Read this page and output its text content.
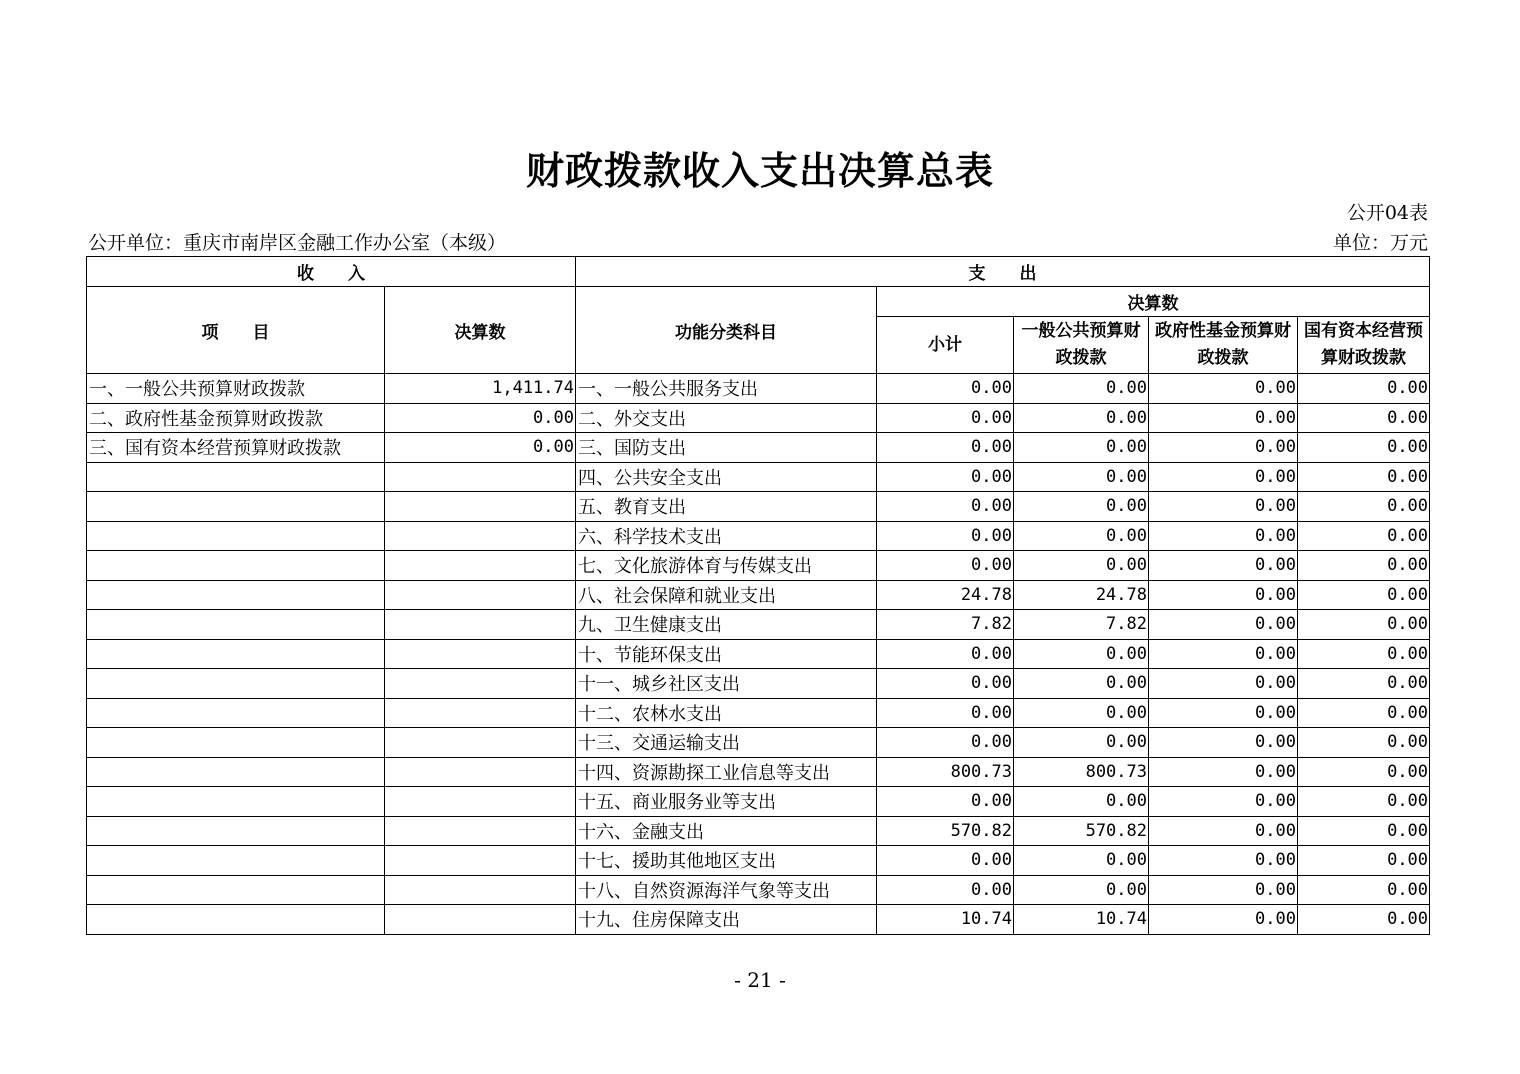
财政拨款收入支出决算总表
公开04表
公开单位：重庆市南岸区金融工作办公室（本级）	单位：万元
收　　入		支　　出				
项　　目	决算数	功能分类科目	决算数			
			小计	一般公共预算财政拨款	政府性基金预算财政拨款	国有资本经营预算财政拨款
一、一般公共预算财政拨款	1,411.74	一、一般公共服务支出	0.00	0.00	0.00	0.00
二、政府性基金预算财政拨款	0.00	二、外交支出	0.00	0.00	0.00	0.00
三、国有资本经营预算财政拨款	0.00	三、国防支出	0.00	0.00	0.00	0.00
		四、公共安全支出	0.00	0.00	0.00	0.00
		五、教育支出	0.00	0.00	0.00	0.00
		六、科学技术支出	0.00	0.00	0.00	0.00
		七、文化旅游体育与传媒支出	0.00	0.00	0.00	0.00
		八、社会保障和就业支出	24.78	24.78	0.00	0.00
		九、卫生健康支出	7.82	7.82	0.00	0.00
		十、节能环保支出	0.00	0.00	0.00	0.00
		十一、城乡社区支出	0.00	0.00	0.00	0.00
		十二、农林水支出	0.00	0.00	0.00	0.00
		十三、交通运输支出	0.00	0.00	0.00	0.00
		十四、资源勘探工业信息等支出	800.73	800.73	0.00	0.00
		十五、商业服务业等支出	0.00	0.00	0.00	0.00
		十六、金融支出	570.82	570.82	0.00	0.00
		十七、援助其他地区支出	0.00	0.00	0.00	0.00
		十八、自然资源海洋气象等支出	0.00	0.00	0.00	0.00
		十九、住房保障支出	10.74	10.74	0.00	0.00
- 21 -
